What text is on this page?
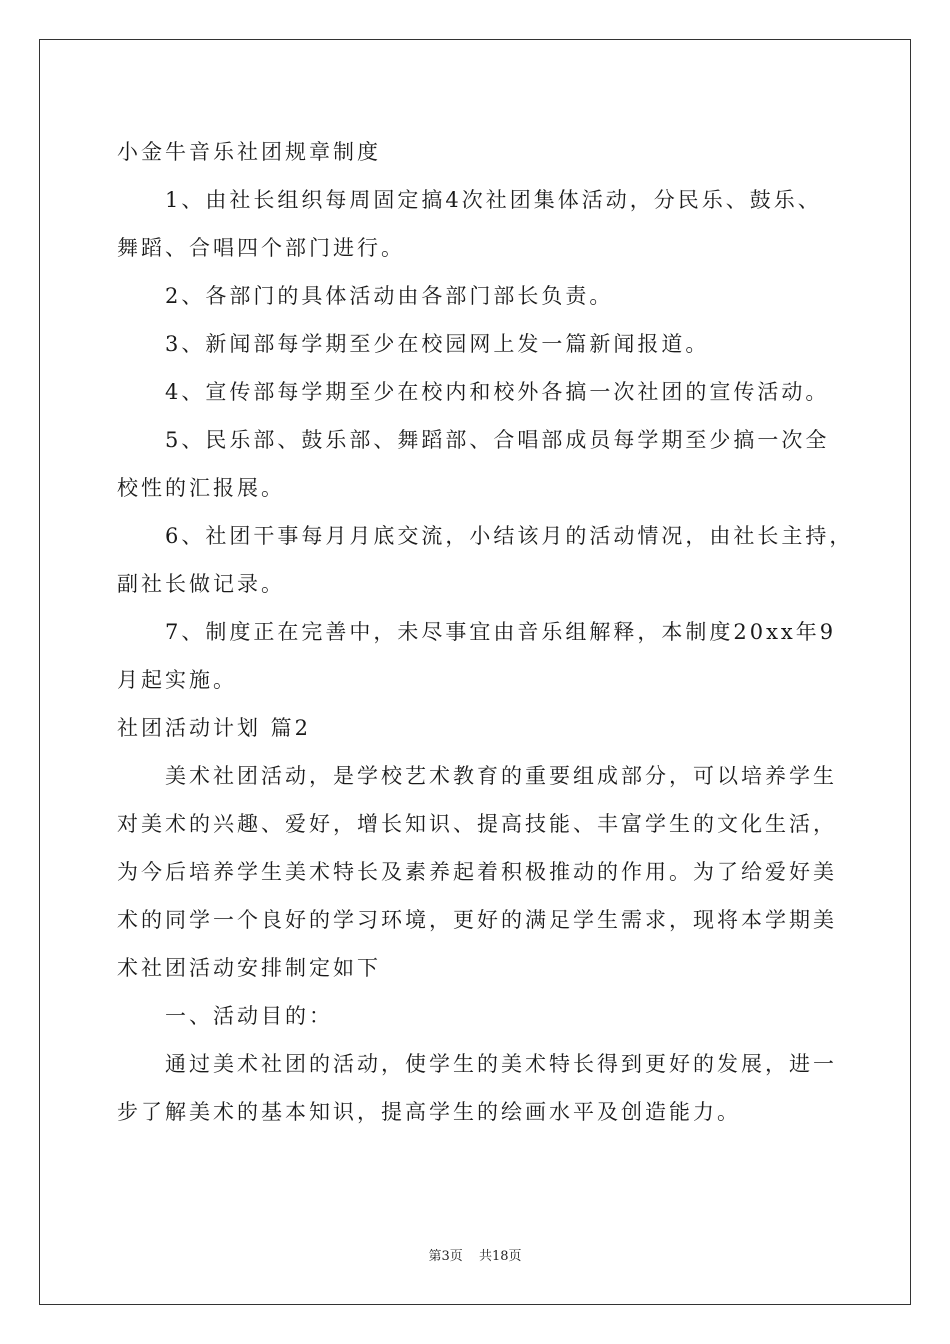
小金牛音乐社团规章制度
1、由社长组织每周固定搞4次社团集体活动，分民乐、鼓乐、
舞蹈、合唱四个部门进行。
2、各部门的具体活动由各部门部长负责。
3、新闻部每学期至少在校园网上发一篇新闻报道。
4、宣传部每学期至少在校内和校外各搞一次社团的宣传活动。
5、民乐部、鼓乐部、舞蹈部、合唱部成员每学期至少搞一次全
校性的汇报展。
6、社团干事每月月底交流，小结该月的活动情况，由社长主持，
副社长做记录。
7、制度正在完善中，未尽事宜由音乐组解释，本制度20xx年9
月起实施。
社团活动计划 篇2
美术社团活动，是学校艺术教育的重要组成部分，可以培养学生
对美术的兴趣、爱好，增长知识、提高技能、丰富学生的文化生活，
为今后培养学生美术特长及素养起着积极推动的作用。为了给爱好美
术的同学一个良好的学习环境，更好的满足学生需求，现将本学期美
术社团活动安排制定如下
一、活动目的：
通过美术社团的活动，使学生的美术特长得到更好的发展，进一
步了解美术的基本知识，提高学生的绘画水平及创造能力。
第3页 共18页
